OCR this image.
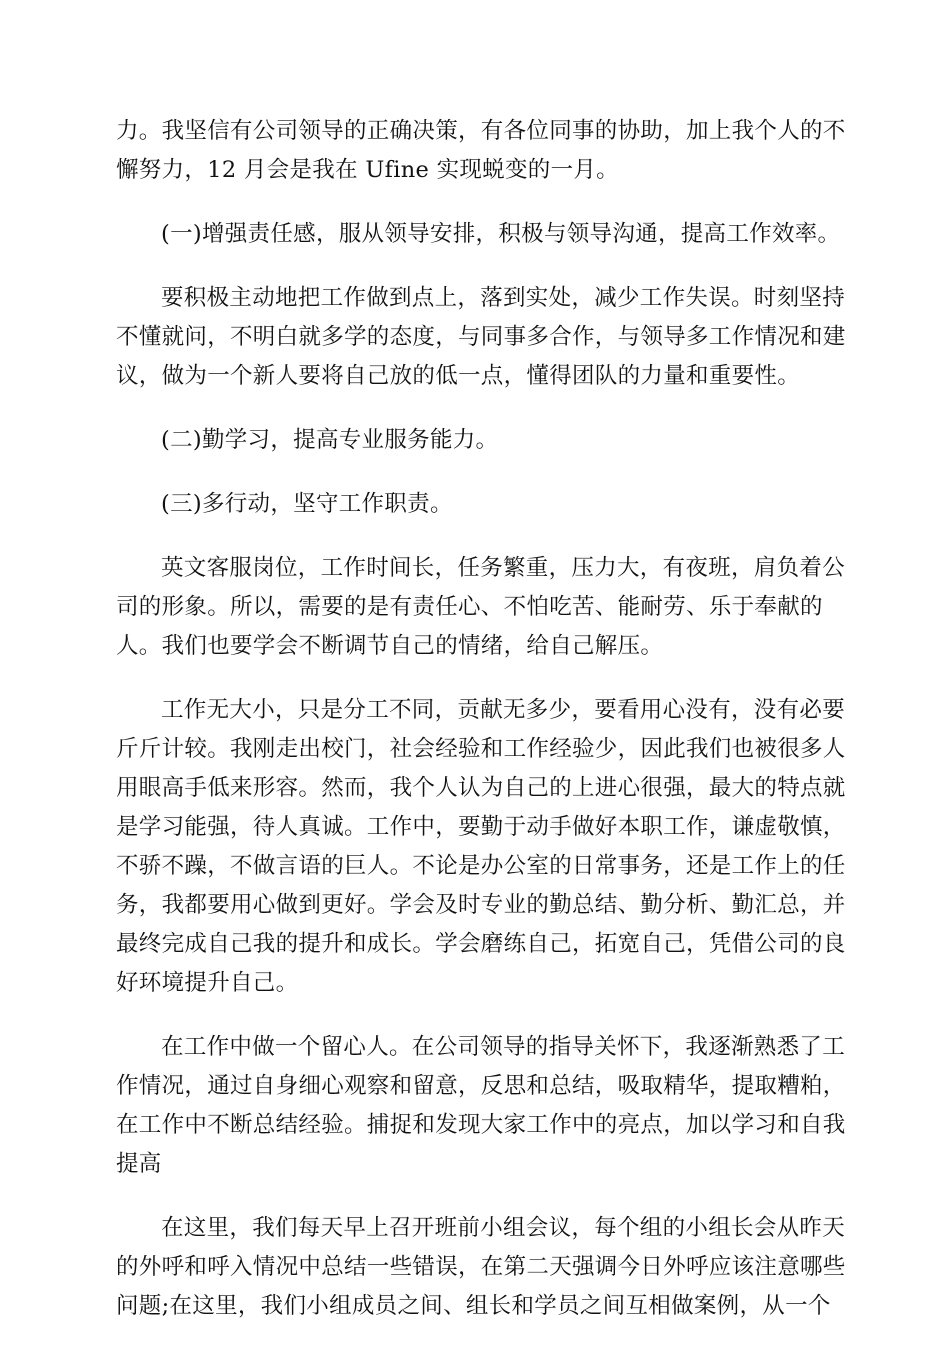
力。我坚信有公司领导的正确决策，有各位同事的协助，加上我个人的不
懈努力，12 月会是我在 Ufine 实现蜕变的一月。

(一)增强责任感，服从领导安排，积极与领导沟通，提高工作效率。

要积极主动地把工作做到点上，落到实处，减少工作失误。时刻坚持
不懂就问，不明白就多学的态度，与同事多合作，与领导多工作情况和建
议，做为一个新人要将自己放的低一点，懂得团队的力量和重要性。

(二)勤学习，提高专业服务能力。

(三)多行动，坚守工作职责。

英文客服岗位，工作时间长，任务繁重，压力大，有夜班，肩负着公
司的形象。所以，需要的是有责任心、不怕吃苦、能耐劳、乐于奉献的
人。我们也要学会不断调节自己的情绪，给自己解压。

工作无大小，只是分工不同，贡献无多少，要看用心没有，没有必要
斤斤计较。我刚走出校门，社会经验和工作经验少，因此我们也被很多人
用眼高手低来形容。然而，我个人认为自己的上进心很强，最大的特点就
是学习能强，待人真诚。工作中，要勤于动手做好本职工作，谦虚敬慎，
不骄不躁，不做言语的巨人。不论是办公室的日常事务，还是工作上的任
务，我都要用心做到更好。学会及时专业的勤总结、勤分析、勤汇总，并
最终完成自己我的提升和成长。学会磨练自己，拓宽自己，凭借公司的良
好环境提升自己。

在工作中做一个留心人。在公司领导的指导关怀下，我逐渐熟悉了工
作情况，通过自身细心观察和留意，反思和总结，吸取精华，提取糟粕，
在工作中不断总结经验。捕捉和发现大家工作中的亮点，加以学习和自我
提高

在这里，我们每天早上召开班前小组会议，每个组的小组长会从昨天
的外呼和呼入情况中总结一些错误，在第二天强调今日外呼应该注意哪些
问题;在这里，我们小组成员之间、组长和学员之间互相做案例，从一个
